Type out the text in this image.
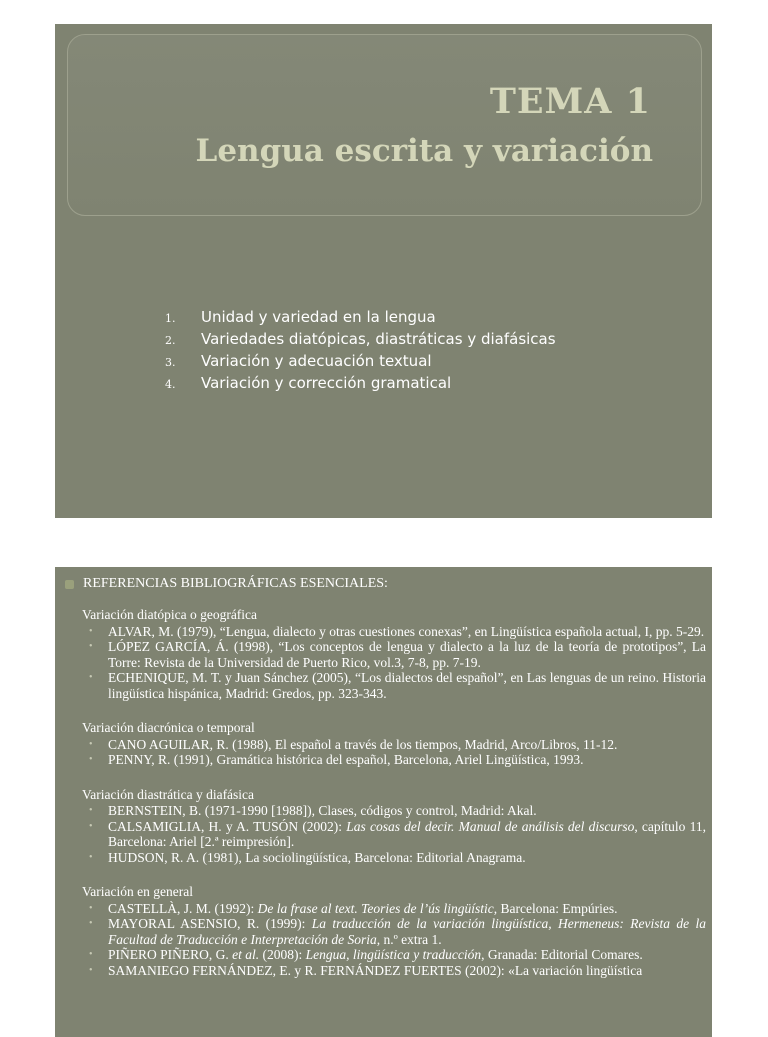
TEMA 1
Lengua escrita y variación
1.	Unidad y variedad en la lengua
2.	Variedades diatópicas, diastráticas y diafásicas
3.	Variación y adecuación textual
4.	Variación y corrección gramatical
REFERENCIAS BIBLIOGRÁFICAS ESENCIALES:
Variación diatópica o geográfica
• ALVAR, M. (1979), “Lengua, dialecto y otras cuestiones conexas”, en Lingüística española actual, I, pp. 5-29.
• LÓPEZ GARCÍA, Á. (1998), “Los conceptos de lengua y dialecto a la luz de la teoría de prototipos”, La Torre: Revista de la Universidad de Puerto Rico, vol.3, 7-8, pp. 7-19.
• ECHENIQUE, M. T. y Juan Sánchez (2005), “Los dialectos del español”, en Las lenguas de un reino. Historia lingüística hispánica, Madrid: Gredos, pp. 323-343.
Variación diacrónica o temporal
• CANO AGUILAR, R. (1988), El español a través de los tiempos, Madrid, Arco/Libros, 11-12.
• PENNY, R. (1991), Gramática histórica del español, Barcelona, Ariel Lingüística, 1993.
Variación diastrática y diafásica
• BERNSTEIN, B. (1971-1990 [1988]), Clases, códigos y control, Madrid: Akal.
• CALSAMIGLIA, H. y A. TUSÓN (2002): Las cosas del decir. Manual de análisis del discurso, capítulo 11, Barcelona: Ariel [2.ª reimpresión].
• HUDSON, R. A. (1981), La sociolingüística, Barcelona: Editorial Anagrama.
Variación en general
• CASTELLÀ, J. M. (1992): De la frase al text. Teories de l’ús lingüístic, Barcelona: Empúries.
• MAYORAL ASENSIO, R. (1999): La traducción de la variación lingüística, Hermeneus: Revista de la Facultad de Traducción e Interpretación de Soria, n.º extra 1.
• PIÑERO PIÑERO, G. et al. (2008): Lengua, lingüística y traducción, Granada: Editorial Comares.
• SAMANIEGO FERNÁNDEZ, E. y R. FERNÁNDEZ FUERTES (2002): «La variación lingüística
